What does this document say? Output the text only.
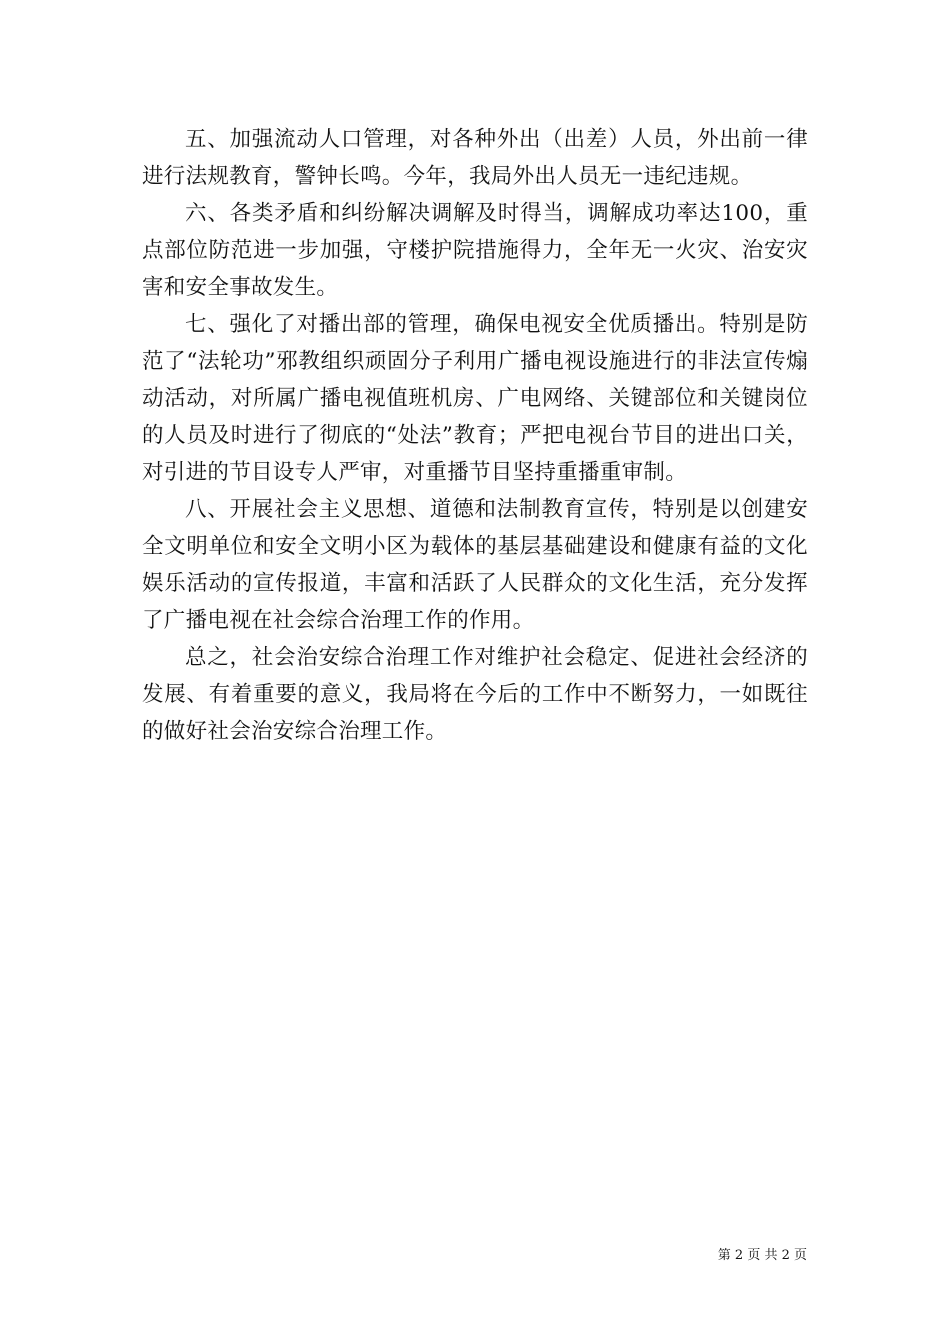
五、加强流动人口管理，对各种外出（出差）人员，外出前一律进行法规教育，警钟长鸣。今年，我局外出人员无一违纪违规。

六、各类矛盾和纠纷解决调解及时得当，调解成功率达100，重点部位防范进一步加强，守楼护院措施得力，全年无一火灾、治安灾害和安全事故发生。

七、强化了对播出部的管理，确保电视安全优质播出。特别是防范了“法轮功”邪教组织顽固分子利用广播电视设施进行的非法宣传煽动活动，对所属广播电视值班机房、广电网络、关键部位和关键岗位的人员及时进行了彻底的“处法”教育；严把电视台节目的进出口关，对引进的节目设专人严审，对重播节目坚持重播重审制。

八、开展社会主义思想、道德和法制教育宣传，特别是以创建安全文明单位和安全文明小区为载体的基层基础建设和健康有益的文化娱乐活动的宣传报道，丰富和活跃了人民群众的文化生活，充分发挥了广播电视在社会综合治理工作的作用。

总之，社会治安综合治理工作对维护社会稳定、促进社会经济的发展、有着重要的意义，我局将在今后的工作中不断努力，一如既往的做好社会治安综合治理工作。

第 2 页 共 2 页
